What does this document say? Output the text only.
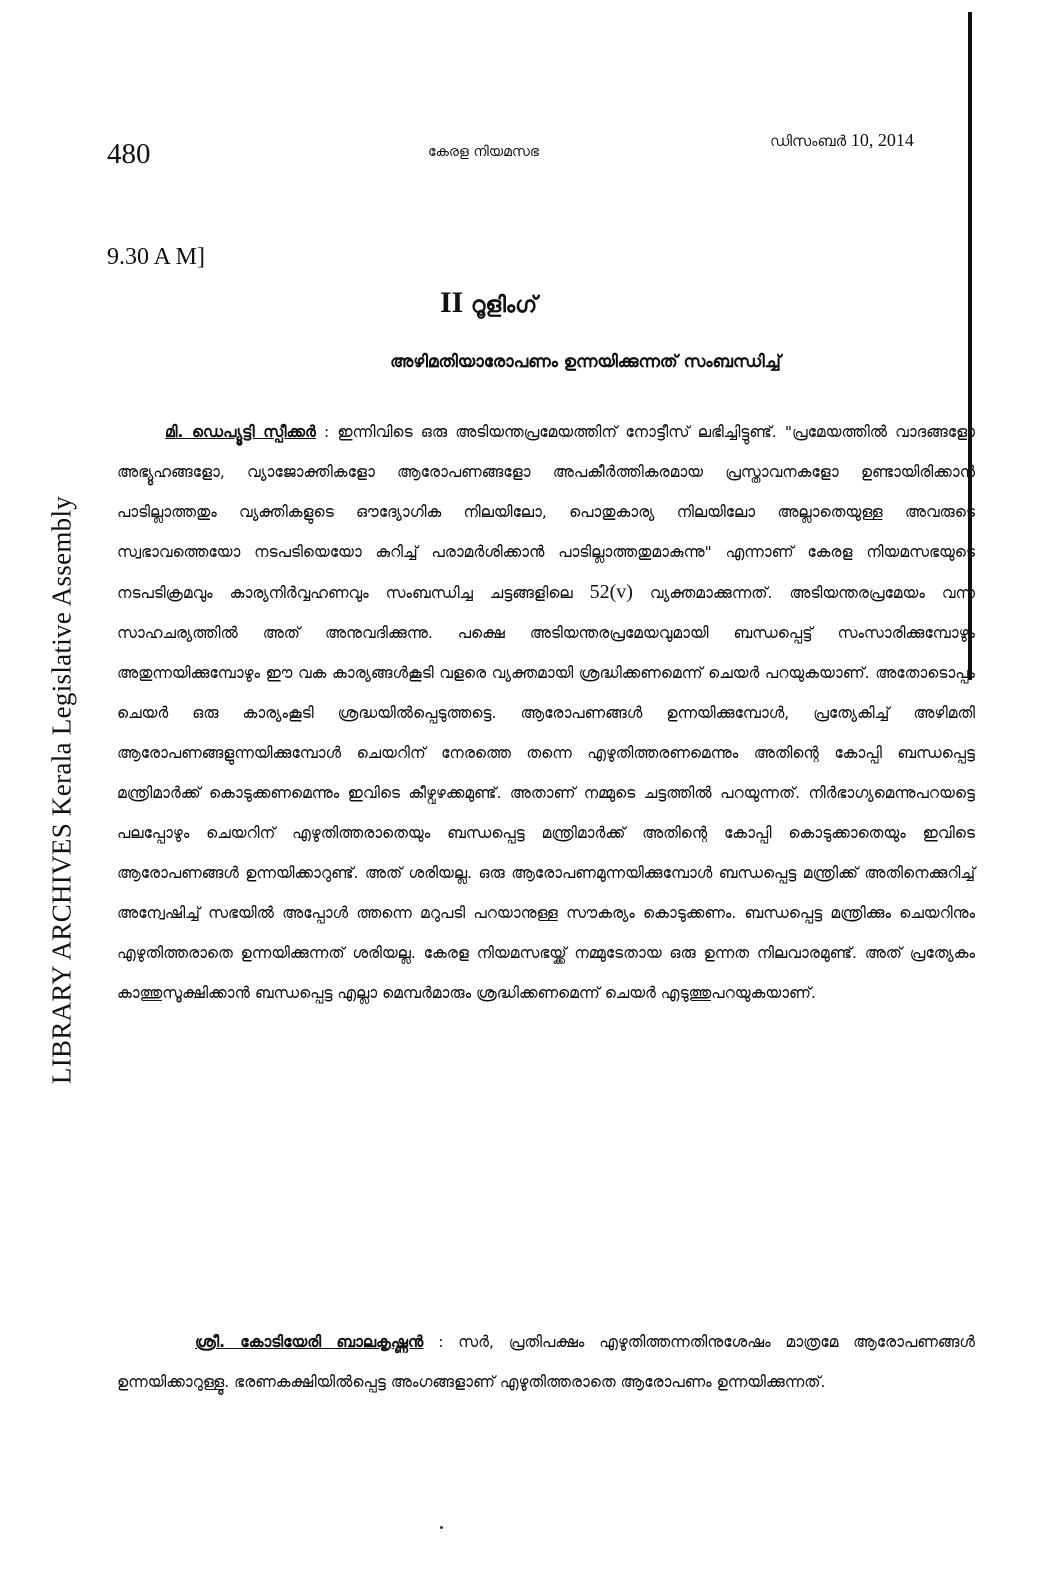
LIBRARY ARCHIVES Kerala Legislative Assembly
480	കേരള നിയമസഭ
ഡിസംബർ 10, 2014
9.30 A M]
II റൂളിംഗ്
അഴിമതിയാരോപണം ഉന്നയിക്കുന്നത് സംബന്ധിച്ച്
മി. ഡെപ്യൂട്ടി സ്പീക്കർ : ഇന്നിവിടെ ഒരു അടിയന്തപ്രമേയത്തിന് നോട്ടീസ് ലഭിച്ചിട്ടുണ്ട്. "പ്രമേയത്തിൽ വാദങ്ങളോ അഭ്യൂഹങ്ങളോ, വ്യാജോക്തികളോ ആരോപണങ്ങളോ അപകീർത്തികരമായ പ്രസ്താവനകളോ ഉണ്ടായിരിക്കാൻ പാടില്ലാത്തതും വ്യക്തികളുടെ ഔദ്യോഗിക നിലയിലോ, പൊതുകാര്യ നിലയിലോ അല്ലാതെയുള്ള അവരുടെ സ്വഭാവത്തെയോ നടപടിയെയോ കുറിച്ച് പരാമർശിക്കാൻ പാടില്ലാത്തതുമാകുന്നു" എന്നാണ് കേരള നിയമസഭയുടെ നടപടിക്രമവും കാര്യനിർവ്വഹണവും സംബന്ധിച്ച ചട്ടങ്ങളിലെ 52(v) വ്യക്തമാക്കുന്നത്. അടിയന്തരപ്രമേയം വന്ന സാഹചര്യത്തിൽ അത് അനുവദിക്കുന്നു. പക്ഷെ അടിയന്തരപ്രമേയവുമായി ബന്ധപ്പെട്ട് സംസാരിക്കുമ്പോഴും അതുന്നയിക്കുമ്പോഴും ഈ വക കാര്യങ്ങൾകൂടി വളരെ വ്യക്തമായി ശ്രദ്ധിക്കണമെന്ന് ചെയർ പറയുകയാണ്. അതോടൊപ്പം ചെയർ ഒരു കാര്യംകൂടി ശ്രദ്ധയിൽപ്പെടുത്തട്ടെ. ആരോപണങ്ങൾ ഉന്നയിക്കുമ്പോൾ, പ്രത്യേകിച്ച് അഴിമതി ആരോപണങ്ങളുന്നയിക്കുമ്പോൾ ചെയറിന് നേരത്തെ തന്നെ എഴുതിത്തരണമെന്നും അതിന്റെ കോപ്പി ബന്ധപ്പെട്ട മന്ത്രിമാർക്ക് കൊടുക്കണമെന്നും ഇവിടെ കീഴ്വഴക്കമുണ്ട്. അതാണ് നമ്മുടെ ചട്ടത്തിൽ പറയുന്നത്. നിർഭാഗ്യമെന്നുപറയട്ടെ പലപ്പോഴും ചെയറിന് എഴുതിത്തരാതെയും ബന്ധപ്പെട്ട മന്ത്രിമാർക്ക് അതിന്റെ കോപ്പി കൊടുക്കാതെയും ഇവിടെ ആരോപണങ്ങൾ ഉന്നയിക്കാറുണ്ട്. അത് ശരിയല്ല. ഒരു ആരോപണമുന്നയിക്കുമ്പോൾ ബന്ധപ്പെട്ട മന്ത്രിക്ക് അതിനെക്കുറിച്ച് അന്വേഷിച്ച് സഭയിൽ അപ്പോൾ ത്തന്നെ മറുപടി പറയാനുള്ള സൗകര്യം കൊടുക്കണം. ബന്ധപ്പെട്ട മന്ത്രിക്കും ചെയറിനും എഴുതിത്തരാതെ ഉന്നയിക്കുന്നത് ശരിയല്ല. കേരള നിയമസഭയ്ക്ക് നമ്മുടേതായ ഒരു ഉന്നത നിലവാരമുണ്ട്. അത് പ്രത്യേകം കാത്തുസൂക്ഷിക്കാൻ ബന്ധപ്പെട്ട എല്ലാ മെമ്പർമാരും ശ്രദ്ധിക്കണമെന്ന് ചെയർ എടുത്തുപറയുകയാണ്.
ശ്രീ. കോടിയേരി ബാലകൃഷ്ണൻ : സർ, പ്രതിപക്ഷം എഴുതിത്തന്നതിനുശേഷം മാത്രമേ ആരോപണങ്ങൾ ഉന്നയിക്കാറുള്ളൂ. ഭരണകക്ഷിയിൽപ്പെട്ട അംഗങ്ങളാണ് എഴുതിത്തരാതെ ആരോപണം ഉന്നയിക്കുന്നത്.
